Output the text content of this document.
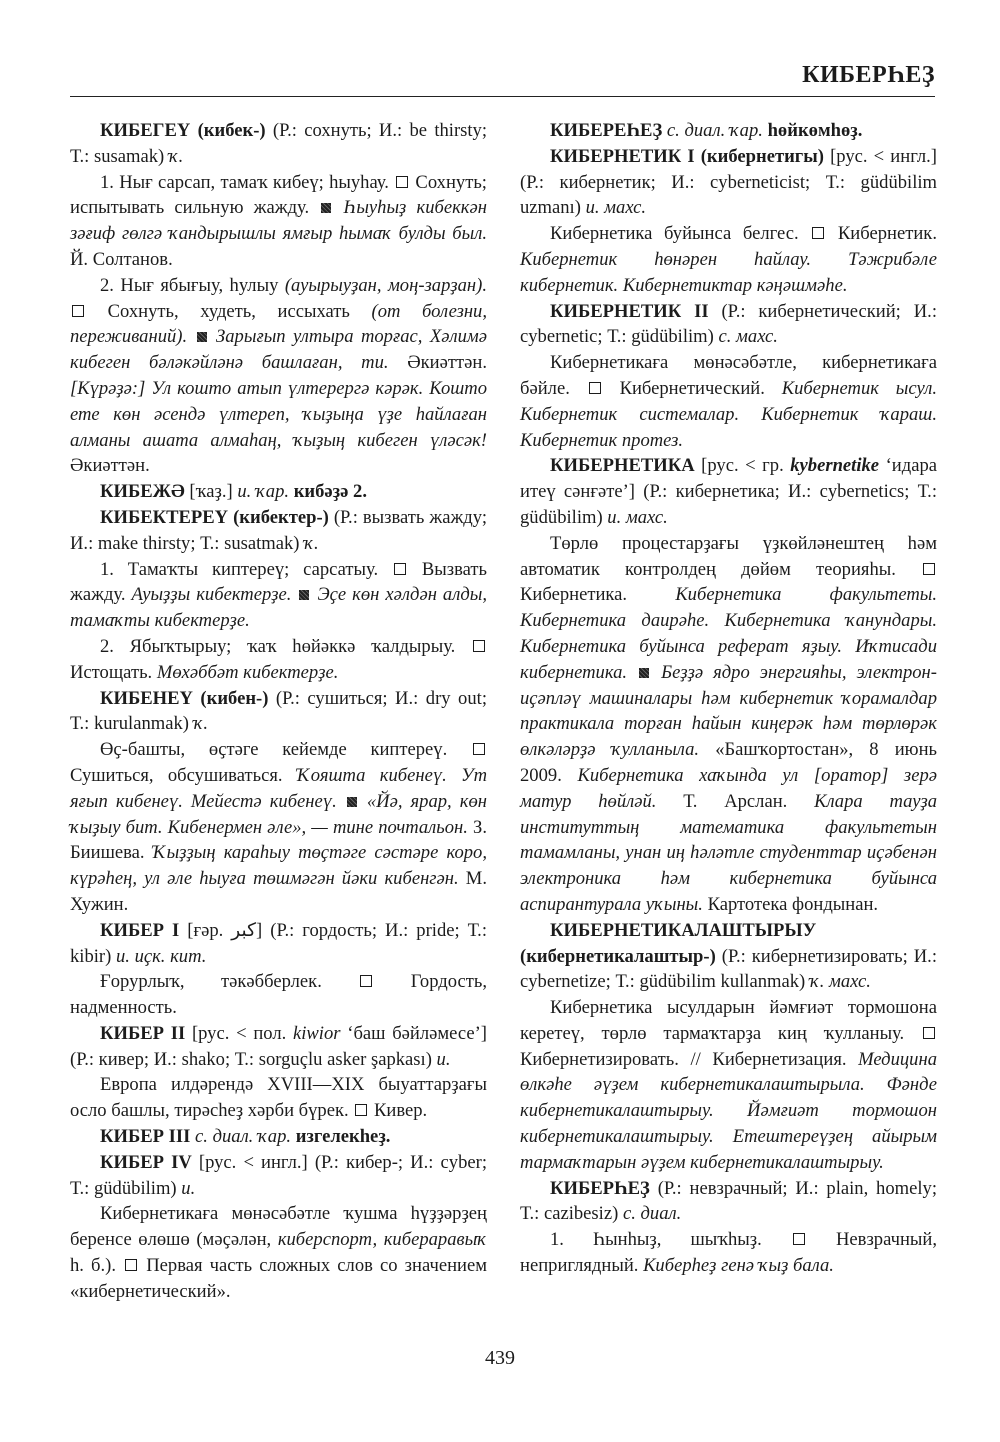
КИБЕРҺЕҘ

КИБЕГЕҮ (кибек-) (Р.: сохнуть; И.: be thirsty; Т.: susamak) ҡ.

1. Нығ сарсап, тамаҡ кибеү; һыуһау. Сохнуть; испытывать сильную жажду. Һыуһыҙ кибеккән зәғиф гөлгә ҡандырышлы ямғыр һымаҡ булды был. Й. Солтанов.

2. Нығ ябығыу, һулыу (ауырыуҙан, моң-зарҙан).  Сохнуть, худеть, иссыхать (от болезни, переживаний). Зарығып ултыра торғас, Хәлимә кибеген бәләкәйләнә башлаған, ти. Әкиәттән. [Күрәҙә:] Ул кошто атып үлтерергә кәрәк. Кошто ете көн әсендә үлтереп, ҡыҙыңа үҙе һайлаған алманы ашата алмаһаң, ҡыҙың кибеген үләсәк! Әкиәттән.

КИБЕЖӘ [ҡаҙ.] и. ҡар. кибәҙә 2.

КИБЕКТЕРЕҮ (кибектер-) (Р.: вызвать жажду; И.: make thirsty; Т.: susatmak) ҡ.

1. Тамаҡты киптереү; сарсатыу. Вызвать жажду. Ауыҙҙы кибектерҙе. Эҫе көн хәлдән алды, тамаҡты кибектерҙе.

2. Ябыҡтырыу; ҡаҡ һөйәккә ҡалдырыу.  Истощать. Мөхәббәт кибектерҙе.

КИБЕНЕҮ (кибен-) (Р.: сушиться; И.: dry out; Т.: kurulanmak) ҡ.

Өҫ-башты, өҫтәге кейемде киптереү.  Сушиться, обсушиваться. Ҡояшта кибенеү. Ут яғып кибенеү. Мейестә кибенеү. «Йә, ярар, көн ҡыҙыу бит. Кибенермен әле», — тине почтальон. З. Биишева. Ҡыҙҙың карaһыу төҫтәге сәстәре коро, күрәһең, ул әле һыуға төшмәгән йәки кибенгән. М. Хужин.

КИБЕР I [ғәр. كبر] (Р.: гордость; И.: pride; Т.: kibir) и. иҫк. кит.

Ғорурлыҡ, тәкәбберлек.	Гордость, надменность.

КИБЕР II [рус. < пол. kiwior ‘баш бәйләмесе’] (Р.: кивер; И.: shako; Т.: sorguçlu asker şapkası) и.

Европа илдәрендә XVIII—XIX быуаттарҙағы осло башлы, тирәсһеҙ хәрби бүрек. Кивер.

КИБЕР III с. диал. ҡар. изгелекһеҙ.

КИБЕР IV [рус. < ингл.] (Р.: кибер-; И.: cyber; Т.: güdübilim) и.

Кибернетикаға мөнәсәбәтле ҡушма һүҙҙәрҙең беренсе өлөшө (мәҫәлән, киберспорт, кибераравыҡ һ. б.). Первая часть сложных слов со значением «кибернетический».

КИБЕРЕҺЕҘ с. диал. ҡар. һөйкөмһөҙ.

КИБЕРНЕТИК I (кибернетигы) [рус. < ингл.] (Р.: кибернетик; И.: cyberneticist; Т.: güdübilim uzmanı) и. махс.

Кибернетика буйынса белгес. Кибернетик. Кибернетик һөнәрен һайлау. Тәжрибәле кибернетик. Кибернетиктар кәңәшмәһе.

КИБЕРНЕТИК II (Р.: кибернетический; И.: cybernetic; Т.: güdübilim) с. махс.

Кибернетикаға мөнәсәбәтле, кибернетикаға бәйле.	Кибернетический. Кибернетик ысул. Кибернетик системалар. Кибернетик ҡараш. Кибернетик протез.

КИБЕРНЕТИКА [рус. < гр. kybernetike ‘идара итеү сәнғәте’] (Р.: кибернетика; И.: cybernetics; Т.: güdübilim) и. махс.

Төрлө процестарҙағы үҙкөйләнештең һәм автоматик контролдең дөйөм теорияһы.  Кибернетика.	Кибернетика факультеты. Кибернетика даирәһе. Кибернетика ҡанундары. Кибернетика буйынса реферат яҙыу. Иҡтисади кибернетика. Беҙҙә ядро энергияһы, электрон-иҫәпләү машиналары һәм кибернетик ҡорамалдар практикала торған һайын киңерәк һәм төрлөрәк өлкәләрҙә ҡулланыла. «Башҡортостан», 8 июнь 2009. Кибернетика хаҡында ул [оратор] зерә матур һөйләй. Т. Арслан. Клара тауҙа институттың математика факультетын тамамланы, унан иң һәләтле студенттар иҫәбенән электроника һәм кибернетика буйынса аспирантурала уҡыны. Картотека фондынан.

КИБЕРНЕТИКАЛАШТЫРЫУ (кибернетикалаштыр-) (Р.: кибернетизировать; И.: cybernetize; Т.: güdübilim kullanmak) ҡ. махс.

Кибернетика ысулдарын йәмғиәт тормошона керетеү, төрлө тармаҡтарҙа киң ҡулланыу.  Кибернетизировать. // Кибернетизация. Медицина өлкәһе әүҙем кибернетикалаштырыла. Фәнде кибернетикалаштырыу. Йәмғиәт тормошон кибернетикалаштырыу. Етештереүҙең айырым тармаҡтарын әүҙем кибернетикалаштырыу.

КИБЕРҺЕҘ (Р.: невзрачный; И.: plain, homely; Т.: cazibesiz) с. диал.

1. Һынһыҙ, шыҡһыҙ.	Невзрачный, неприглядный. Киберһеҙ генә ҡыҙ бала.

439
